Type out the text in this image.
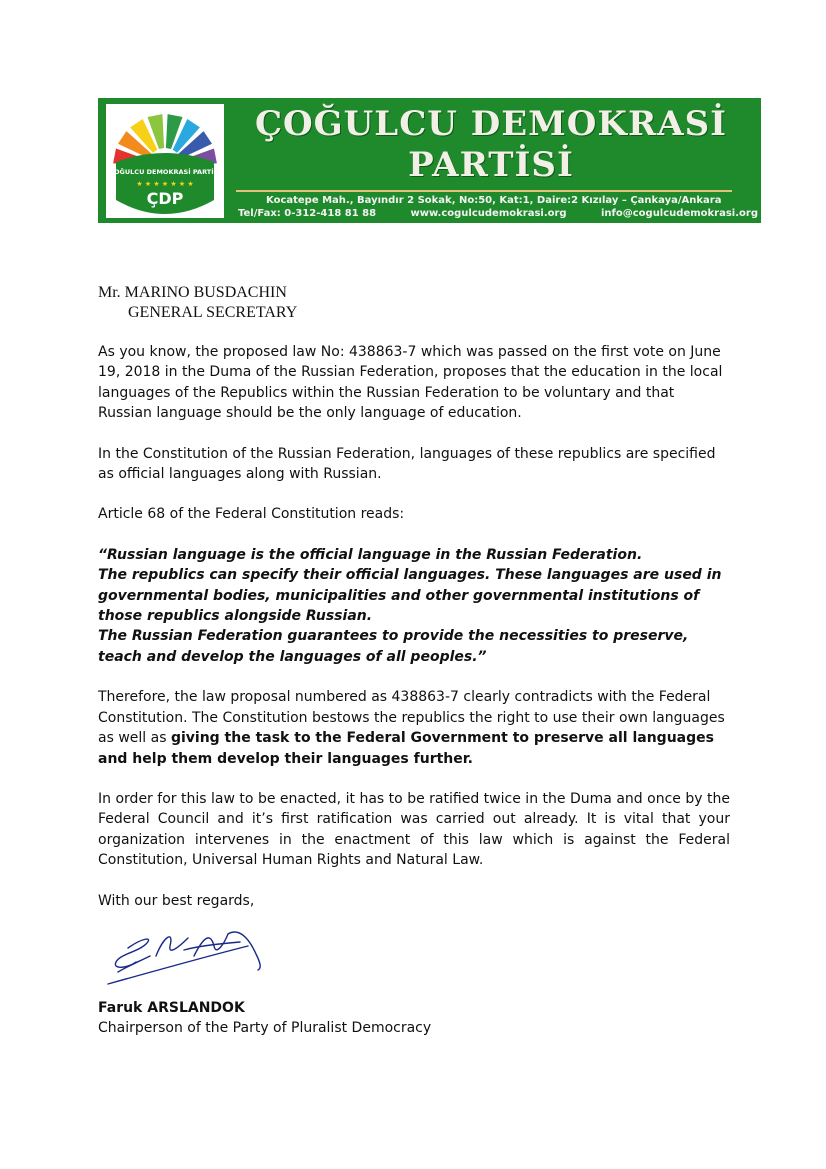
ÇOĞULCU DEMOKRASİ PARTİSİ
★ ★ ★ ★ ★ ★ ★
ÇDP
ÇOĞULCU DEMOKRASİ
PARTİSİ
Kocatepe Mah., Bayındır 2 Sokak, No:50, Kat:1, Daire:2 Kızılay – Çankaya/Ankara
Tel/Fax: 0-312-418 81 88	www.cogulcudemokrasi.org	info@cogulcudemokrasi.org
Mr. MARINO BUSDACHIN
GENERAL SECRETARY

As you know, the proposed law No: 438863-7 which was passed on the first vote on June 19, 2018 in the Duma of the Russian Federation, proposes that the education in the local languages of the Republics within the Russian Federation to be voluntary and that Russian language should be the only language of education.

In the Constitution of the Russian Federation, languages of these republics are specified as official languages along with Russian.

Article 68 of the Federal Constitution reads:

“Russian language is the official language in the Russian Federation.
The republics can specify their official languages. These languages are used in governmental bodies, municipalities and other governmental institutions of those republics alongside Russian.
The Russian Federation guarantees to provide the necessities to preserve, teach and develop the languages of all peoples.”

Therefore, the law proposal numbered as 438863-7 clearly contradicts with the Federal Constitution. The Constitution bestows the republics the right to use their own languages as well as giving the task to the Federal Government to preserve all languages and help them develop their languages further.

In order for this law to be enacted, it has to be ratified twice in the Duma and once by the Federal Council and it’s first ratification was carried out already. It is vital that your organization intervenes in the enactment of this law which is against the Federal Constitution, Universal Human Rights and Natural Law.

With our best regards,

Faruk ARSLANDOK
Chairperson of the Party of Pluralist Democracy
